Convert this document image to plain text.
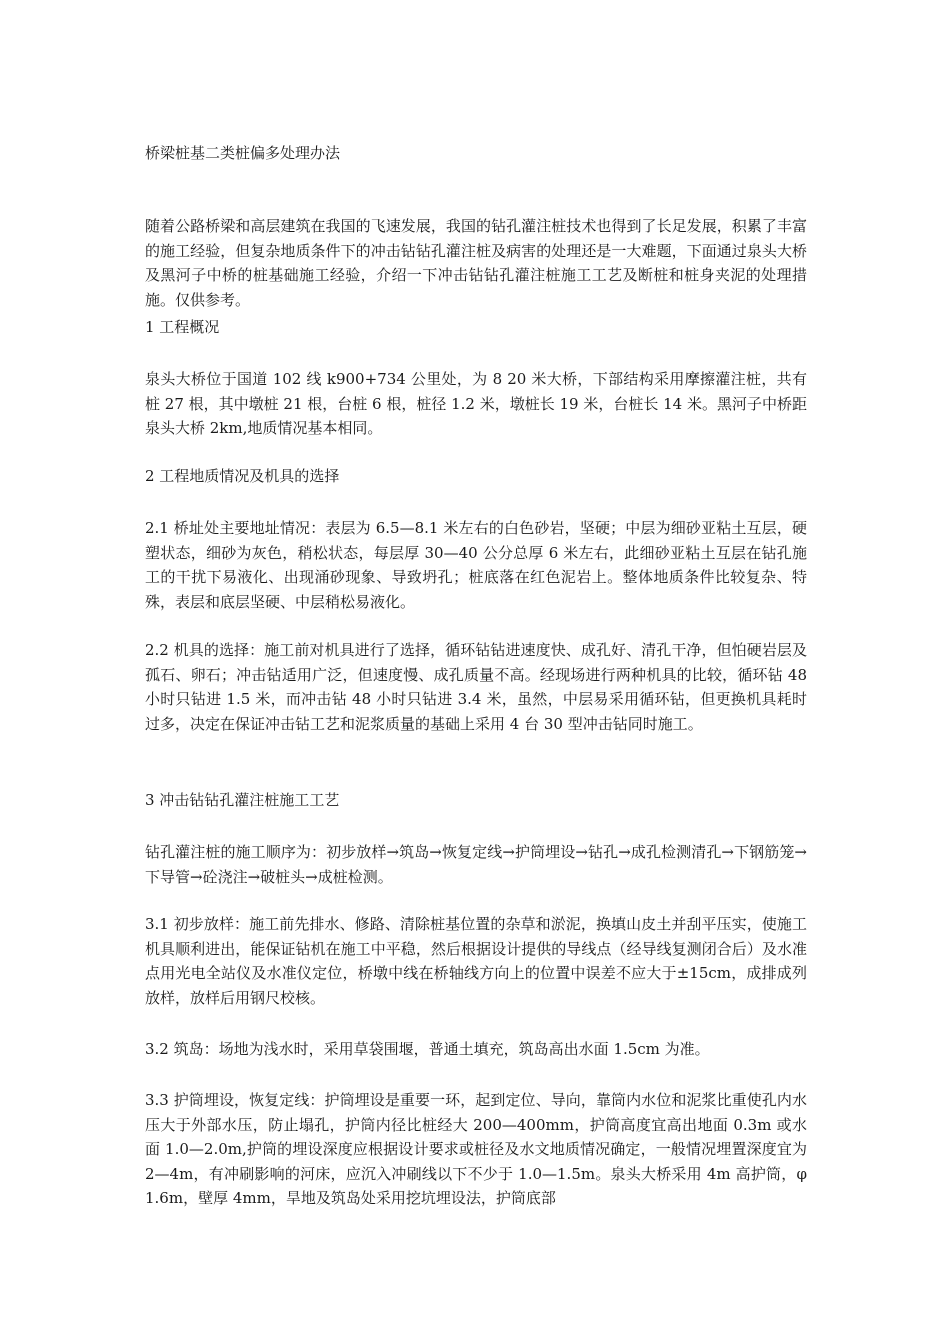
桥梁桩基二类桩偏多处理办法

随着公路桥梁和高层建筑在我国的飞速发展，我国的钻孔灌注桩技术也得到了长足发展，积累了丰富的施工经验，但复杂地质条件下的冲击钻钻孔灌注桩及病害的处理还是一大难题，下面通过泉头大桥及黑河子中桥的桩基础施工经验，介绍一下冲击钻钻孔灌注桩施工工艺及断桩和桩身夹泥的处理措施。仅供参考。

1 工程概况

泉头大桥位于国道 102 线 k900+734 公里处，为 8 20 米大桥，下部结构采用摩擦灌注桩，共有桩 27 根，其中墩桩 21 根，台桩 6 根，桩径 1.2 米，墩桩长 19 米，台桩长 14 米。黑河子中桥距泉头大桥 2km,地质情况基本相同。

2 工程地质情况及机具的选择

2.1 桥址处主要地址情况：表层为 6.5—8.1 米左右的白色砂岩，坚硬；中层为细砂亚粘土互层，硬塑状态，细砂为灰色，稍松状态，每层厚 30—40 公分总厚 6 米左右，此细砂亚粘土互层在钻孔施工的干扰下易液化、出现涌砂现象、导致坍孔；桩底落在红色泥岩上。整体地质条件比较复杂、特殊，表层和底层坚硬、中层稍松易液化。

2.2 机具的选择：施工前对机具进行了选择，循环钻钻进速度快、成孔好、清孔干净，但怕硬岩层及孤石、卵石；冲击钻适用广泛，但速度慢、成孔质量不高。经现场进行两种机具的比较，循环钻 48 小时只钻进 1.5 米，而冲击钻 48 小时只钻进 3.4 米，虽然，中层易采用循环钻，但更换机具耗时过多，决定在保证冲击钻工艺和泥浆质量的基础上采用 4 台 30 型冲击钻同时施工。

3 冲击钻钻孔灌注桩施工工艺

钻孔灌注桩的施工顺序为：初步放样→筑岛→恢复定线→护筒埋设→钻孔→成孔检测清孔→下钢筋笼→下导管→砼浇注→破桩头→成桩检测。

3.1 初步放样：施工前先排水、修路、清除桩基位置的杂草和淤泥，换填山皮土并刮平压实，使施工机具顺利进出，能保证钻机在施工中平稳，然后根据设计提供的导线点（经导线复测闭合后）及水准点用光电全站仪及水准仪定位，桥墩中线在桥轴线方向上的位置中误差不应大于±15cm，成排成列放样，放样后用钢尺校核。

3.2 筑岛：场地为浅水时，采用草袋围堰，普通土填充，筑岛高出水面 1.5cm 为准。

3.3 护筒埋设，恢复定线：护筒埋设是重要一环，起到定位、导向，靠筒内水位和泥浆比重使孔内水压大于外部水压，防止塌孔，护筒内径比桩经大 200—400mm，护筒高度宜高出地面 0.3m 或水面 1.0—2.0m,护筒的埋设深度应根据设计要求或桩径及水文地质情况确定，一般情况埋置深度宜为 2—4m，有冲刷影响的河床，应沉入冲刷线以下不少于 1.0—1.5m。泉头大桥采用 4m 高护筒，φ1.6m，壁厚 4mm，旱地及筑岛处采用挖坑埋设法，护筒底部
